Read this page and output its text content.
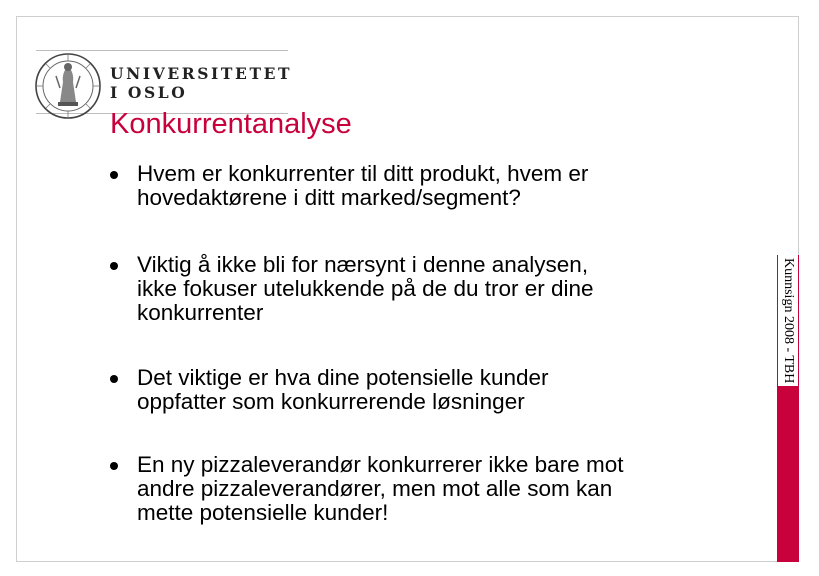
UNIVERSITETET
I OSLO
Konkurrentanalyse
Hvem er konkurrenter til ditt produkt, hvem er
hovedaktørene i ditt marked/segment?
Viktig å ikke bli for nærsynt i denne analysen,
ikke fokuser utelukkende på de du tror er dine
konkurrenter
Det viktige er hva dine potensielle kunder
oppfatter som konkurrerende løsninger
En ny pizzaleverandør konkurrerer ikke bare mot
andre pizzaleverandører, men mot alle som kan
mette potensielle kunder!
Kunnsign 2008 - TBH
